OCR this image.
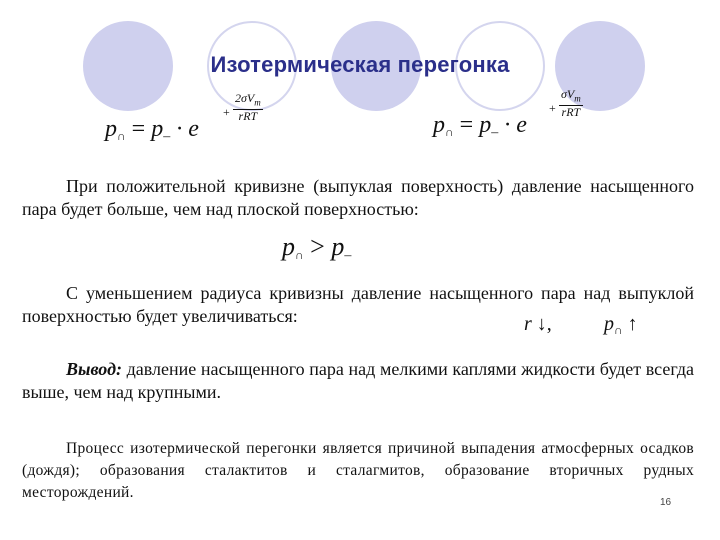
Изотермическая перегонка
p∩ = p– · e
+
$2\sigma V_m$
rRT	p∩ = p– · e
+
$\sigma V_m$
rRT
При положительной кривизне (выпуклая поверхность) давление насыщенного пара будет больше, чем над плоской поверхностью:
p∩ > p–
С уменьшением радиуса кривизны давление насыщенного пара над выпуклой поверхностью будет увеличиваться:	r ↓,	$p_\cap$ ↑
Вывод: давление насыщенного пара над мелкими каплями жидкости будет всегда выше, чем над крупными.
Процесс изотермической перегонки является причиной выпадения атмосферных осадков (дождя); образования сталактитов и сталагмитов, образование вторичных рудных месторождений.
16
